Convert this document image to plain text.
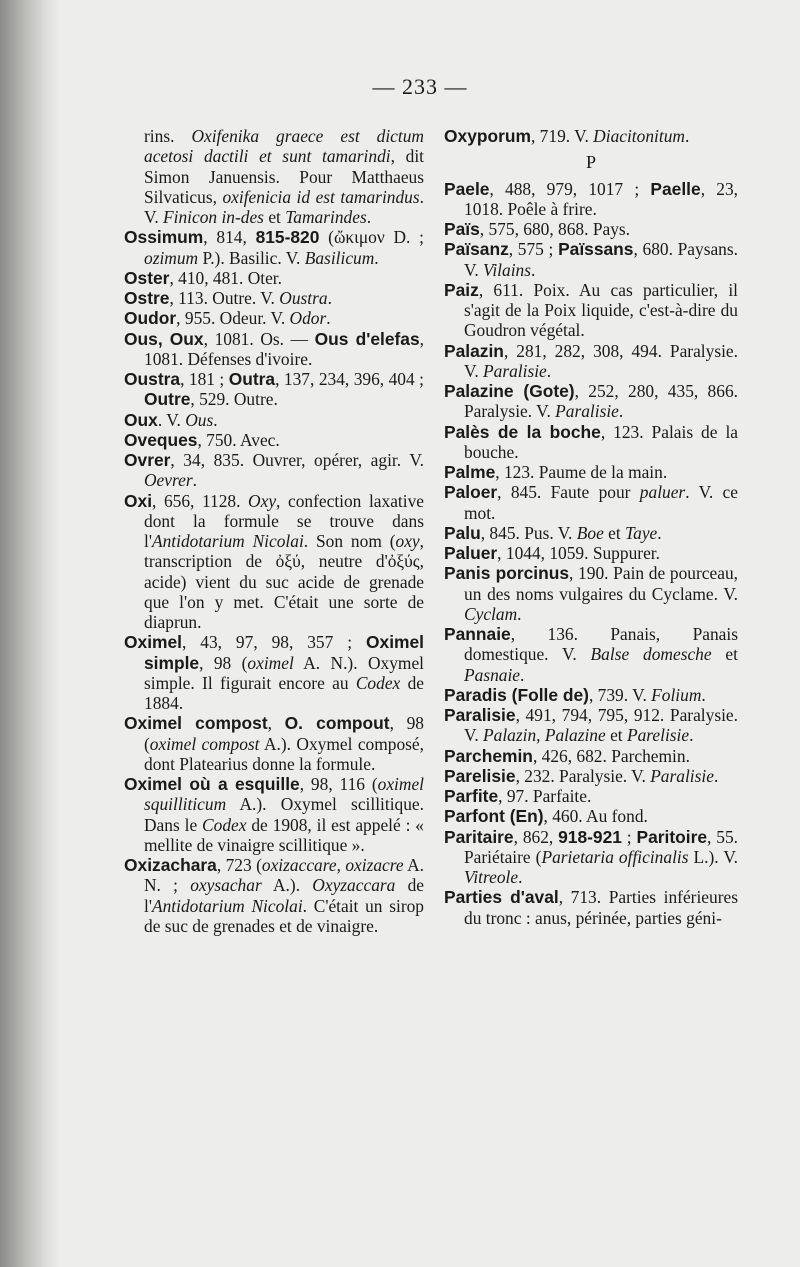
— 233 —
rins. Oxifenika graece est dictum acetosi dactili et sunt tamarindi, dit Simon Januensis. Pour Matthaeus Silvaticus, oxifenicia id est tamarindus. V. Finicon in-des et Tamarindes.
Ossimum, 814, 815-820 (ὤκιμον D. ; ozimum P.). Basilic. V. Basilicum.
Oster, 410, 481. Oter.
Ostre, 113. Outre. V. Oustra.
Oudor, 955. Odeur. V. Odor.
Ous, Oux, 1081. Os. — Ous d'elefas, 1081. Défenses d'ivoire.
Oustra, 181 ; Outra, 137, 234, 396, 404 ; Outre, 529. Outre.
Oux. V. Ous.
Oveques, 750. Avec.
Ovrer, 34, 835. Ouvrer, opérer, agir. V. Oevrer.
Oxi, 656, 1128. Oxy, confection laxative dont la formule se trouve dans l'Antidotarium Nicolai. Son nom (oxy, transcription de ὀξύ, neutre d'ὀξύς, acide) vient du suc acide de grenade que l'on y met. C'était une sorte de diaprun.
Oximel, 43, 97, 98, 357 ; Oximel simple, 98 (oximel A. N.). Oxymel simple. Il figurait encore au Codex de 1884.
Oximel compost, O. compout, 98 (oximel compost A.). Oxymel composé, dont Platearius donne la formule.
Oximel où a esquille, 98, 116 (oximel squilliticum A.). Oxymel scillitique. Dans le Codex de 1908, il est appelé : « mellite de vinaigre scillitique ».
Oxizachara, 723 (oxizaccare, oxizacre A. N. ; oxysachar A.). Oxyzaccara de l'Antidotarium Nicolai. C'était un sirop de suc de grenades et de vinaigre.
Oxyporum, 719. V. Diacitonitum.
P
Paele, 488, 979, 1017 ; Paelle, 23, 1018. Poêle à frire.
Païs, 575, 680, 868. Pays.
Païsanz, 575 ; Païssans, 680. Paysans. V. Vilains.
Paiz, 611. Poix. Au cas particulier, il s'agit de la Poix liquide, c'est-à-dire du Goudron végétal.
Palazin, 281, 282, 308, 494. Paralysie. V. Paralisie.
Palazine (Gote), 252, 280, 435, 866. Paralysie. V. Paralisie.
Palès de la boche, 123. Palais de la bouche.
Palme, 123. Paume de la main.
Paloer, 845. Faute pour paluer. V. ce mot.
Palu, 845. Pus. V. Boe et Taye.
Paluer, 1044, 1059. Suppurer.
Panis porcinus, 190. Pain de pourceau, un des noms vulgaires du Cyclame. V. Cyclam.
Pannaie, 136. Panais, Panais domestique. V. Balse domesche et Pasnaie.
Paradis (Folle de), 739. V. Folium.
Paralisie, 491, 794, 795, 912. Paralysie. V. Palazin, Palazine et Parelisie.
Parchemin, 426, 682. Parchemin.
Parelisie, 232. Paralysie. V. Paralisie.
Parfite, 97. Parfaite.
Parfont (En), 460. Au fond.
Paritaire, 862, 918-921 ; Paritoire, 55. Pariétaire (Parietaria officinalis L.). V. Vitreole.
Parties d'aval, 713. Parties inférieures du tronc : anus, périnée, parties géni-
